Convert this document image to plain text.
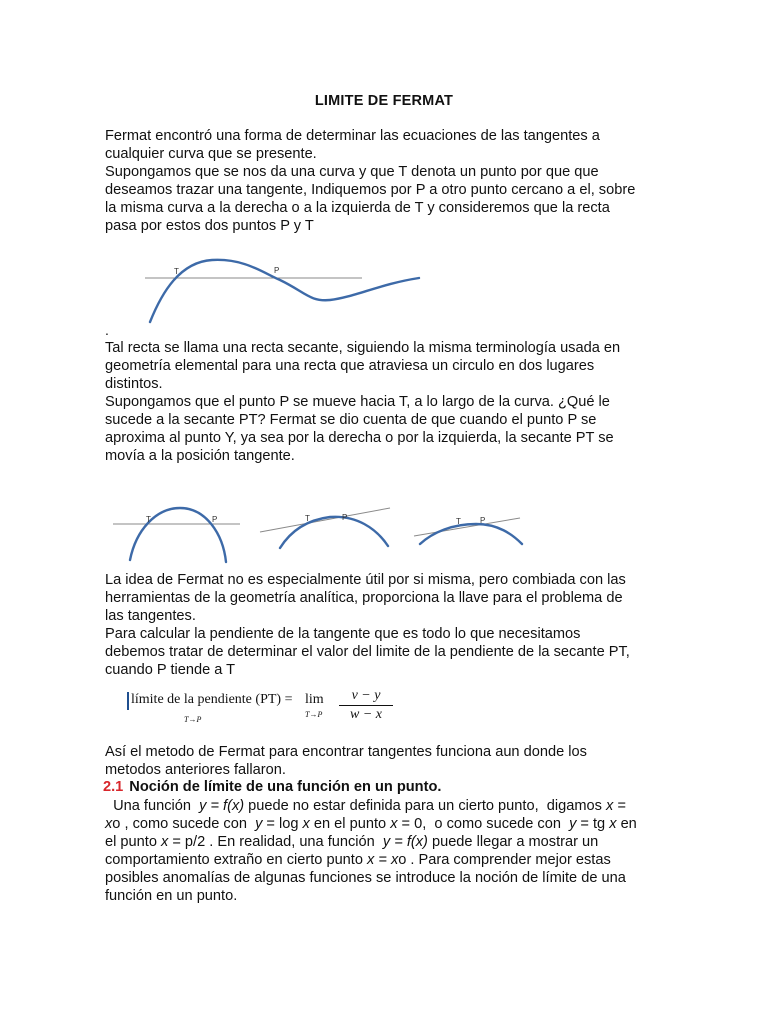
LIMITE DE FERMAT
Fermat encontró una forma de determinar las ecuaciones de las tangentes a
cualquier curva que se presente.
Supongamos que se nos da una curva y que T denota un punto por que que
deseamos trazar una tangente, Indiquemos por P a otro punto cercano a el, sobre
la misma curva a la derecha o a la izquierda de T y consideremos que la recta
pasa por estos dos puntos P y T
T	P
.
Tal recta se llama una recta secante, siguiendo la misma terminología usada en
geometría elemental para una recta que atraviesa un circulo en dos lugares
distintos.
Supongamos que el punto P se mueve hacia T, a lo largo de la curva. ¿Qué le
sucede a la secante PT? Fermat se dio cuenta de que cuando el punto P se
aproxima al punto Y, ya sea por la derecha o por la izquierda, la secante PT se
movía a la posición tangente.
T	P	T	P	T P
La idea de Fermat no es especialmente útil por si misma, pero combiada con las
herramientas de la geometría analítica, proporciona la llave para el problema de
las tangentes.
Para calcular la pendiente de la tangente que es todo lo que necesitamos
debemos tratar de determinar el valor del limite de la pendiente de la secante PT,
cuando P tiende a T
límite de la pendiente (PT) =
T→P
lim
T→P
v − y
w − x
Así el metodo de Fermat para encontrar tangentes funciona aun donde los
metodos anteriores fallaron.
2.1 Noción de límite de una función en un punto.
Una función  y = f(x) puede no estar definida para un cierto punto,  digamos x =
xo , como sucede con  y = log x en el punto x = 0,  o como sucede con  y = tg x en
el punto x = p/2 . En realidad, una función  y = f(x) puede llegar a mostrar un
comportamiento extraño en cierto punto x = xo . Para comprender mejor estas
posibles anomalías de algunas funciones se introduce la noción de límite de una
función en un punto.
